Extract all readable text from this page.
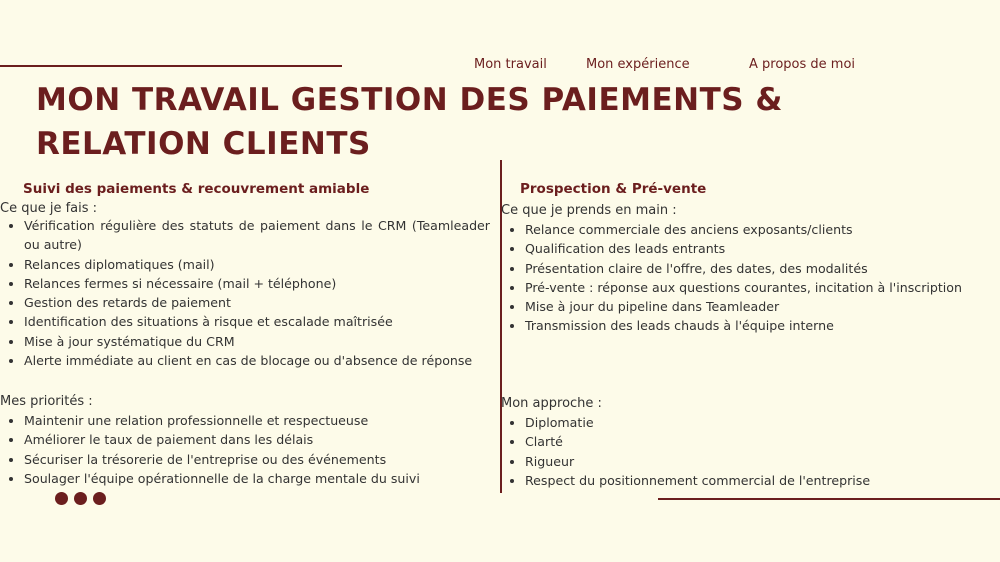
Mon travail	Mon expérience	A propos de moi
MON TRAVAIL GESTION DES PAIEMENTS & RELATION CLIENTS
Suivi des paiements & recouvrement amiable

Ce que je fais :

• Vérification régulière des statuts de paiement dans le CRM (Teamleader ou autre)
• Relances diplomatiques (mail)
• Relances fermes si nécessaire (mail + téléphone)
• Gestion des retards de paiement
• Identification des situations à risque et escalade maîtrisée
• Mise à jour systématique du CRM
• Alerte immédiate au client en cas de blocage ou d'absence de réponse

Mes priorités :

• Maintenir une relation professionnelle et respectueuse
• Améliorer le taux de paiement dans les délais
• Sécuriser la trésorerie de l'entreprise ou des événements
• Soulager l'équipe opérationnelle de la charge mentale du suivi
Prospection & Pré-vente

Ce que je prends en main :

• Relance commerciale des anciens exposants/clients
• Qualification des leads entrants
• Présentation claire de l'offre, des dates, des modalités
• Pré-vente : réponse aux questions courantes, incitation à l'inscription
• Mise à jour du pipeline dans Teamleader
• Transmission des leads chauds à l'équipe interne

Mon approche :

• Diplomatie
• Clarté
• Rigueur
• Respect du positionnement commercial de l'entreprise
